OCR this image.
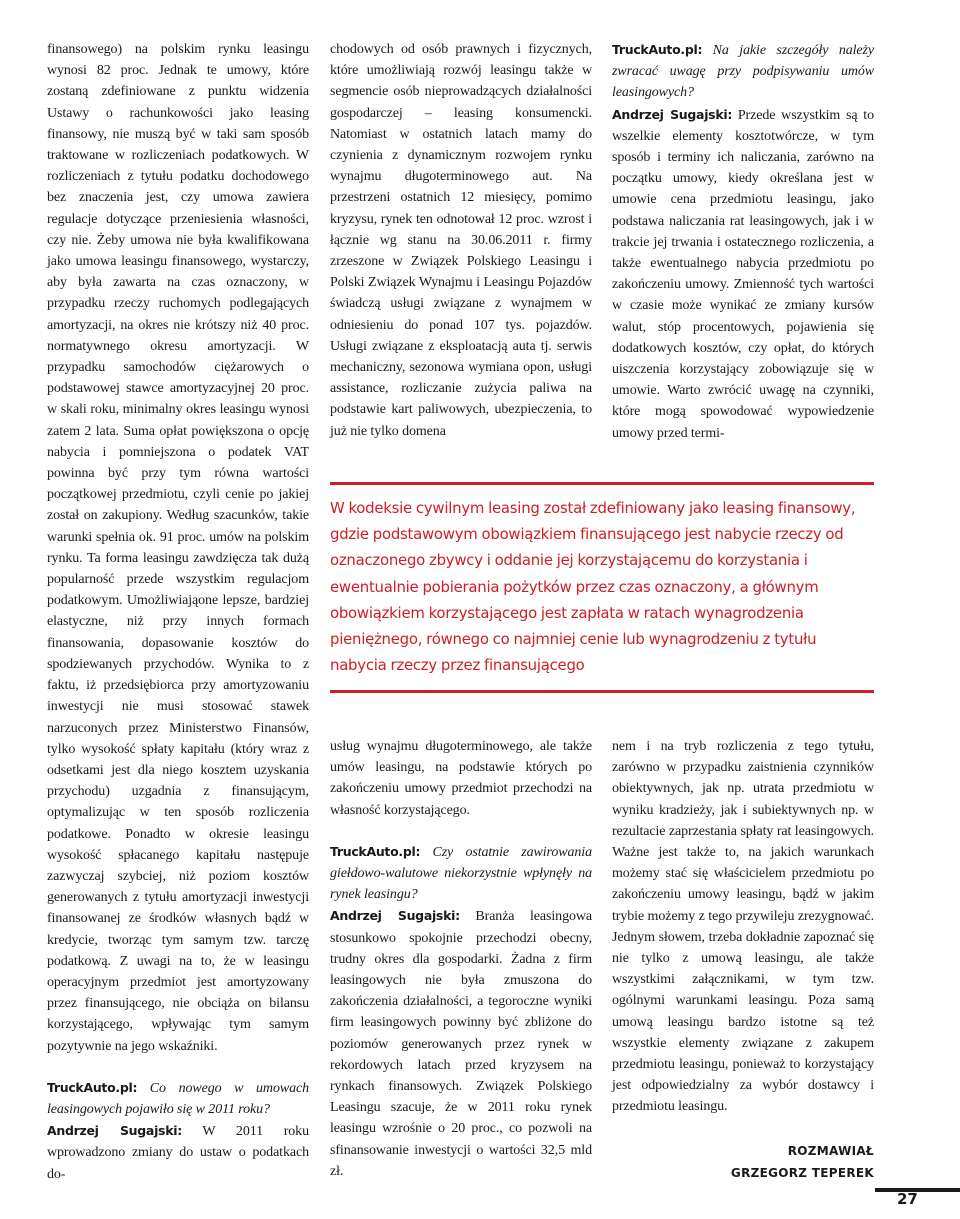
finansowego) na polskim rynku leasingu wynosi 82 proc. Jednak te umowy, które zostaną zdefiniowane z punktu widzenia Ustawy o rachunkowości jako leasing finansowy, nie muszą być w taki sam sposób traktowane w rozliczeniach podatkowych. W rozliczeniach z tytułu podatku dochodowego bez znaczenia jest, czy umowa zawiera regulacje dotyczące przeniesienia własności, czy nie. Żeby umowa nie była kwalifikowana jako umowa leasingu finansowego, wystarczy, aby była zawarta na czas oznaczony, w przypadku rzeczy ruchomych podlegających amortyzacji, na okres nie krótszy niż 40 proc. normatywnego okresu amortyzacji. W przypadku samochodów ciężarowych o podstawowej stawce amortyzacyjnej 20 proc. w skali roku, minimalny okres leasingu wynosi zatem 2 lata. Suma opłat powiększona o opcję nabycia i pomniejszona o podatek VAT powinna być przy tym równa wartości początkowej przedmiotu, czyli cenie po jakiej został on zakupiony. Według szacunków, takie warunki spełnia ok. 91 proc. umów na polskim rynku. Ta forma leasingu zawdzięcza tak dużą popularność przede wszystkim regulacjom podatkowym. Umożliwiająone lepsze, bardziej elastyczne, niż przy innych formach finansowania, dopasowanie kosztów do spodziewanych przychodów. Wynika to z faktu, iż przedsiębiorca przy amortyzowaniu inwestycji nie musi stosować stawek narzuconych przez Ministerstwo Finansów, tylko wysokość spłaty kapitału (który wraz z odsetkami jest dla niego kosztem uzyskania przychodu) uzgadnia z finansującym, optymalizując w ten sposób rozliczenia podatkowe. Ponadto w okresie leasingu wysokość spłacanego kapitału następuje zazwyczaj szybciej, niż poziom kosztów generowanych z tytułu amortyzacji inwestycji finansowanej ze środków własnych bądź w kredycie, tworząc tym samym tzw. tarczę podatkową. Z uwagi na to, że w leasingu operacyjnym przedmiot jest amortyzowany przez finansującego, nie obciąża on bilansu korzystającego, wpływając tym samym pozytywnie na jego wskaźniki.

TruckAuto.pl: Co nowego w umowach leasingowych pojawiło się w 2011 roku?

Andrzej Sugajski: W 2011 roku wprowadzono zmiany do ustaw o podatkach do-

chodowych od osób prawnych i fizycznych, które umożliwiają rozwój leasingu także w segmencie osób nieprowadzących działalności gospodarczej – leasing konsumencki. Natomiast w ostatnich latach mamy do czynienia z dynamicznym rozwojem rynku wynajmu długoterminowego aut. Na przestrzeni ostatnich 12 miesięcy, pomimo kryzysu, rynek ten odnotował 12 proc. wzrost i łącznie wg stanu na 30.06.2011 r. firmy zrzeszone w Związek Polskiego Leasingu i Polski Związek Wynajmu i Leasingu Pojazdów świadczą usługi związane z wynajmem w odniesieniu do ponad 107 tys. pojazdów. Usługi związane z eksploatacją auta tj. serwis mechaniczny, sezonowa wymiana opon, usługi assistance, rozliczanie zużycia paliwa na podstawie kart paliwowych, ubezpieczenia, to już nie tylko domena

TruckAuto.pl: Na jakie szczegóły należy zwracać uwagę przy podpisywaniu umów leasingowych?

Andrzej Sugajski: Przede wszystkim są to wszelkie elementy kosztotwórcze, w tym sposób i terminy ich naliczania, zarówno na początku umowy, kiedy określana jest w umowie cena przedmiotu leasingu, jako podstawa naliczania rat leasingowych, jak i w trakcie jej trwania i ostatecznego rozliczenia, a także ewentualnego nabycia przedmiotu po zakończeniu umowy. Zmienność tych wartości w czasie może wynikać ze zmiany kursów walut, stóp procentowych, pojawienia się dodatkowych kosztów, czy opłat, do których uiszczenia korzystający zobowiązuje się w umowie. Warto zwrócić uwagę na czynniki, które mogą spowodować wypowiedzenie umowy przed termi-

W kodeksie cywilnym leasing został zdefiniowany jako leasing finansowy, gdzie podstawowym obowiązkiem finansującego jest nabycie rzeczy od oznaczonego zbywcy i oddanie jej korzystającemu do korzystania i ewentualnie pobierania pożytków przez czas oznaczony, a głównym obowiązkiem korzystającego jest zapłata w ratach wynagrodzenia pieniężnego, równego co najmniej cenie lub wynagrodzeniu z tytułu nabycia rzeczy przez finansującego

usług wynajmu długoterminowego, ale także umów leasingu, na podstawie których po zakończeniu umowy przedmiot przechodzi na własność korzystającego.

TruckAuto.pl: Czy ostatnie zawirowania giełdowo-walutowe niekorzystnie wpłynęły na rynek leasingu?

Andrzej Sugajski: Branża leasingowa stosunkowo spokojnie przechodzi obecny, trudny okres dla gospodarki. Żadna z firm leasingowych nie była zmuszona do zakończenia działalności, a tegoroczne wyniki firm leasingowych powinny być zbliżone do poziomów generowanych przez rynek w rekordowych latach przed kryzysem na rynkach finansowych. Związek Polskiego Leasingu szacuje, że w 2011 roku rynek leasingu wzrośnie o 20 proc., co pozwoli na sfinansowanie inwestycji o wartości 32,5 mld zł.

nem i na tryb rozliczenia z tego tytułu, zarówno w przypadku zaistnienia czynników obiektywnych, jak np. utrata przedmiotu w wyniku kradzieży, jak i subiektywnych np. w rezultacie zaprzestania spłaty rat leasingowych. Ważne jest także to, na jakich warunkach możemy stać się właścicielem przedmiotu po zakończeniu umowy leasingu, bądź w jakim trybie możemy z tego przywileju zrezygnować. Jednym słowem, trzeba dokładnie zapoznać się nie tylko z umową leasingu, ale także wszystkimi załącznikami, w tym tzw. ogólnymi warunkami leasingu. Poza samą umową leasingu bardzo istotne są też wszystkie elementy związane z zakupem przedmiotu leasingu, ponieważ to korzystający jest odpowiedzialny za wybór dostawcy i przedmiotu leasingu.

ROZMAWIAŁ
GRZEGORZ TEPEREK
27
